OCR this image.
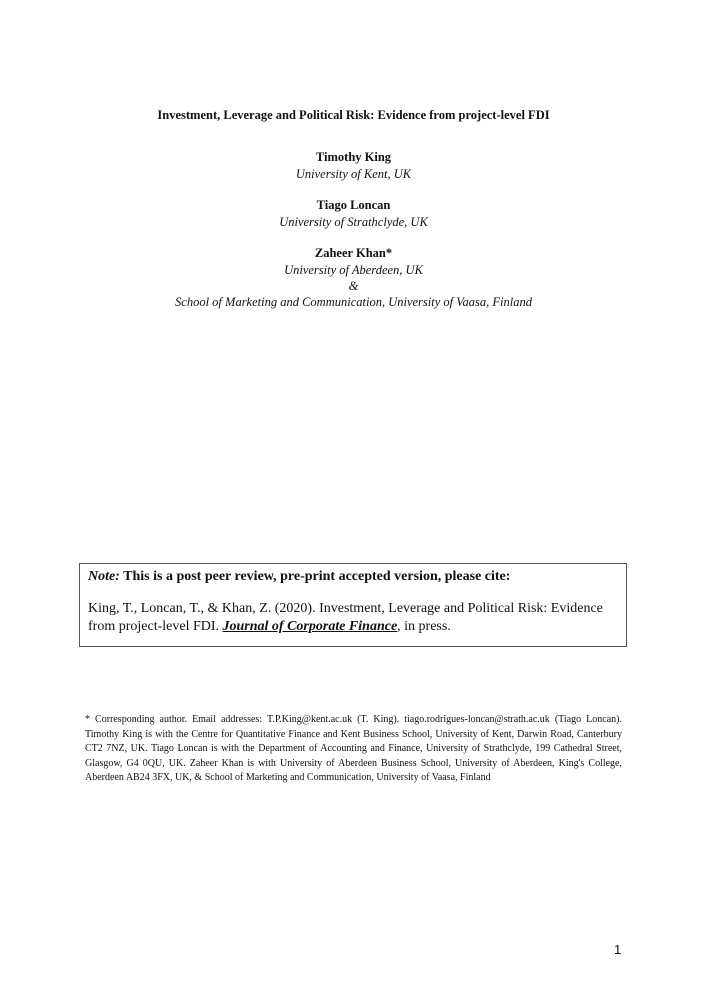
Investment, Leverage and Political Risk: Evidence from project-level FDI
Timothy King
University of Kent, UK
Tiago Loncan
University of Strathclyde, UK
Zaheer Khan*
University of Aberdeen, UK
&
School of Marketing and Communication, University of Vaasa, Finland
Note: This is a post peer review, pre-print accepted version, please cite:
King, T., Loncan, T., & Khan, Z. (2020). Investment, Leverage and Political Risk: Evidence from project-level FDI. Journal of Corporate Finance, in press.
* Corresponding author. Email addresses: T.P.King@kent.ac.uk (T. King). tiago.rodrigues-loncan@strath.ac.uk (Tiago Loncan). Timothy King is with the Centre for Quantitative Finance and Kent Business School, University of Kent, Darwin Road, Canterbury CT2 7NZ, UK. Tiago Loncan is with the Department of Accounting and Finance, University of Strathclyde, 199 Cathedral Street, Glasgow, G4 0QU, UK. Zaheer Khan is with University of Aberdeen Business School, University of Aberdeen, King's College, Aberdeen AB24 3FX, UK, & School of Marketing and Communication, University of Vaasa, Finland
1
